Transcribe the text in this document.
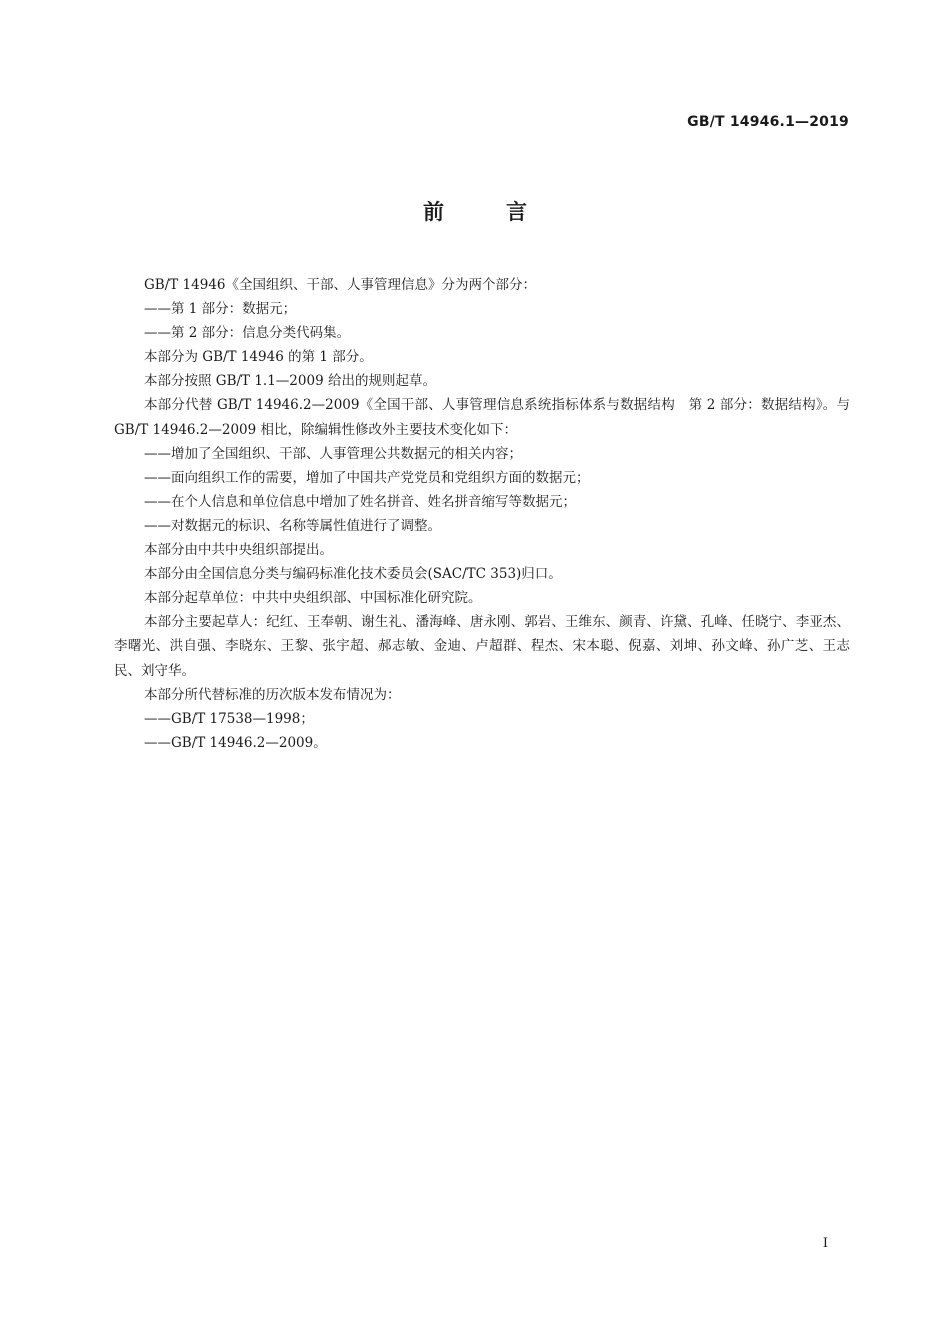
GB/T 14946.1—2019
前言

GB/T 14946《全国组织、干部、人事管理信息》分为两个部分：

——第 1 部分：数据元；

——第 2 部分：信息分类代码集。

本部分为 GB/T 14946 的第 1 部分。

本部分按照 GB/T 1.1—2009 给出的规则起草。

本部分代替 GB/T 14946.2—2009《全国干部、人事管理信息系统指标体系与数据结构　第 2 部分：数据结构》。与 GB/T 14946.2—2009 相比，除编辑性修改外主要技术变化如下：

——增加了全国组织、干部、人事管理公共数据元的相关内容；

——面向组织工作的需要，增加了中国共产党党员和党组织方面的数据元；

——在个人信息和单位信息中增加了姓名拼音、姓名拼音缩写等数据元；

——对数据元的标识、名称等属性值进行了调整。

本部分由中共中央组织部提出。

本部分由全国信息分类与编码标准化技术委员会(SAC/TC 353)归口。

本部分起草单位：中共中央组织部、中国标准化研究院。

本部分主要起草人：纪红、王奉朝、谢生礼、潘海峰、唐永刚、郭岩、王维东、颜青、许黛、孔峰、任晓宁、李亚杰、李曙光、洪自强、李晓东、王黎、张宇超、郝志敏、金迪、卢超群、程杰、宋本聪、倪嘉、刘坤、孙文峰、孙广芝、王志民、刘守华。

本部分所代替标准的历次版本发布情况为：

——GB/T 17538—1998；

——GB/T 14946.2—2009。

I
